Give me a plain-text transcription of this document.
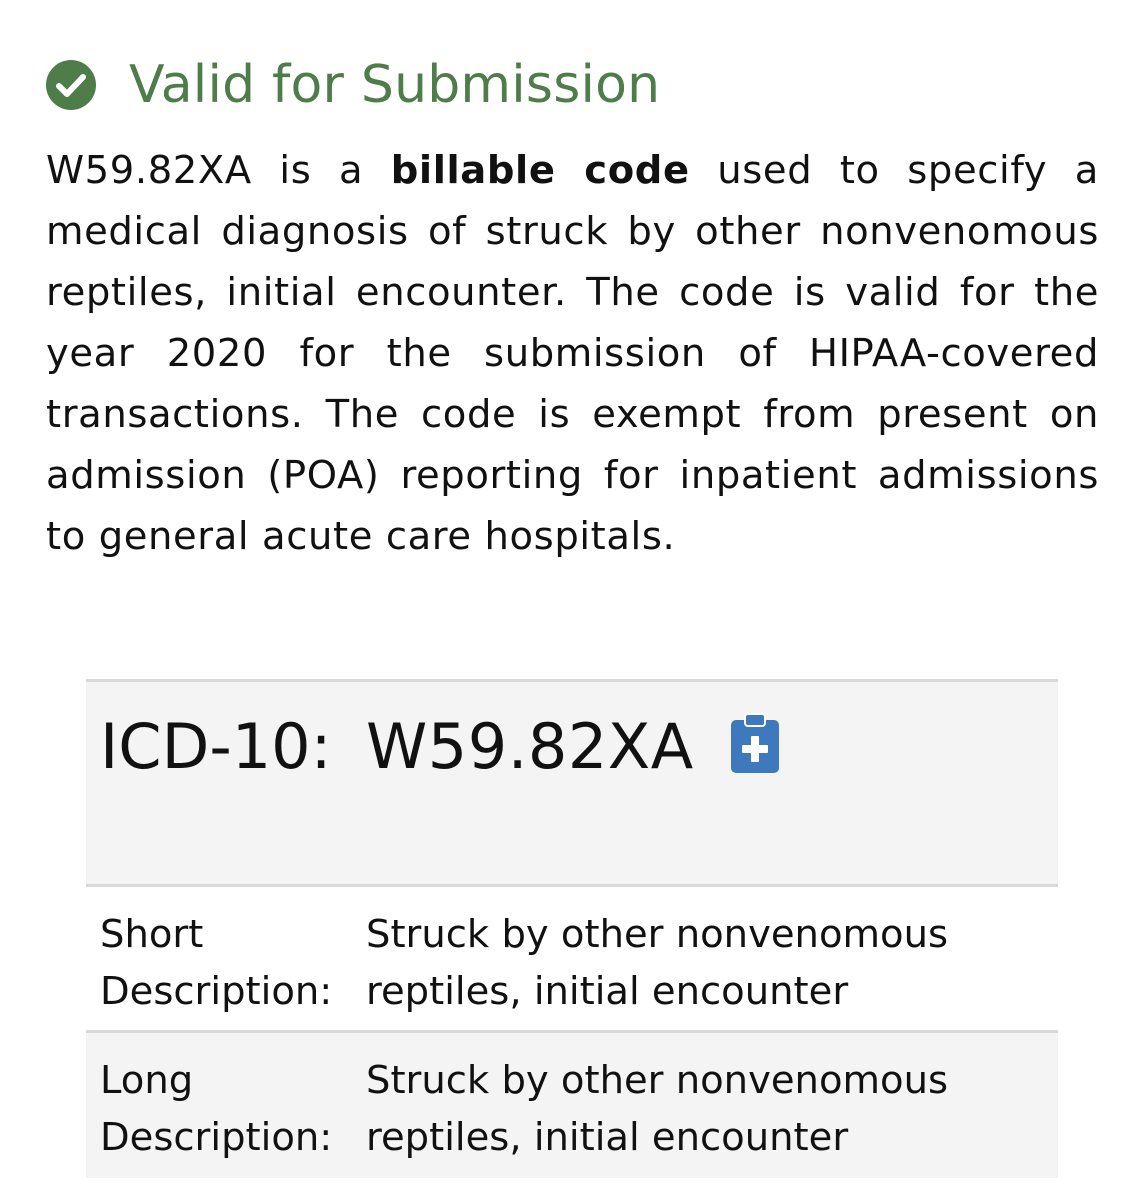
Valid for Submission

W59.82XA is a billable code used to specify a medical diagnosis of struck by other nonvenomous reptiles, initial encounter. The code is valid for the year 2020 for the submission of HIPAA-covered transactions. The code is exempt from present on admission (POA) reporting for inpatient admissions to general acute care hospitals.

ICD-10: W59.82XA
Short Description:
Struck by other nonvenomous reptiles, initial encounter
Long Description:
Struck by other nonvenomous reptiles, initial encounter
